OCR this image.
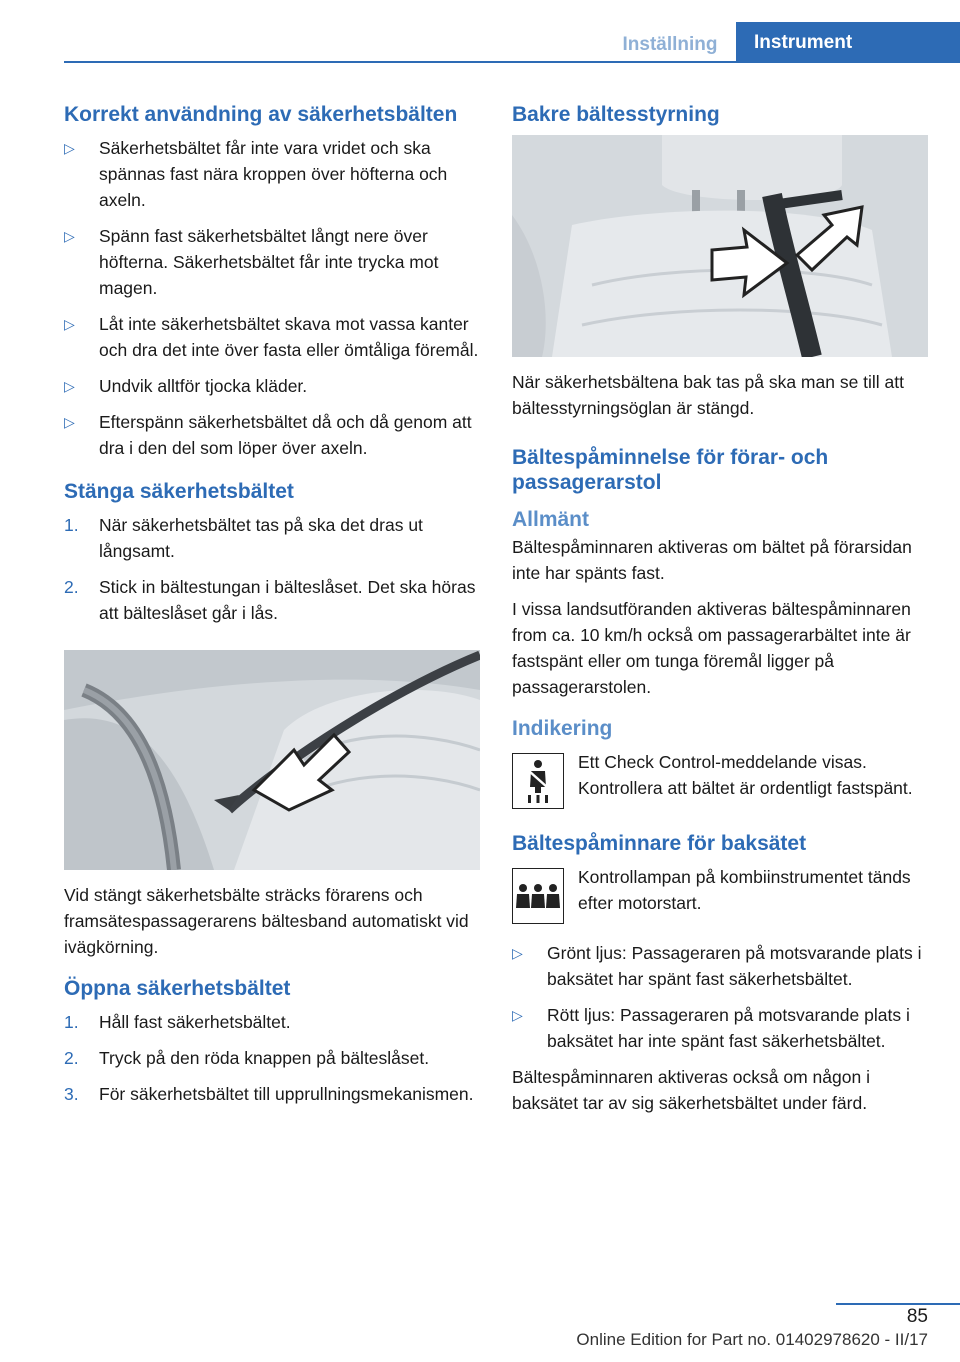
Inställning	Instrument
Korrekt användning av säkerhetsbälten
▷ Säkerhetsbältet får inte vara vridet och ska spännas fast nära kroppen över höfterna och axeln.
▷ Spänn fast säkerhetsbältet långt nere över höfterna. Säkerhetsbältet får inte trycka mot magen.
▷ Låt inte säkerhetsbältet skava mot vassa kanter och dra det inte över fasta eller ömtåliga föremål.
▷ Undvik alltför tjocka kläder.
▷ Efterspänn säkerhetsbältet då och då genom att dra i den del som löper över axeln.
Stänga säkerhetsbältet
1. När säkerhetsbältet tas på ska det dras ut långsamt.
2. Stick in bältestungan i bälteslåset. Det ska höras att bälteslåset går i lås.

Vid stängt säkerhetsbälte sträcks förarens och framsätespassagerarens bältesband automatiskt vid ivägkörning.

Öppna säkerhetsbältet
1. Håll fast säkerhetsbältet.
2. Tryck på den röda knappen på bälteslåset.
3. För säkerhetsbältet till upprullningsmekanismen.
Bakre bältesstyrning

När säkerhetsbältena bak tas på ska man se till att bältesstyrningsöglan är stängd.

Bältespåminnelse för förar- och passagerarstol
Allmänt

Bältespåminnaren aktiveras om bältet på förarsidan inte har spänts fast.

I vissa landsutföranden aktiveras bältespåminnaren from ca. 10 km/h också om passagerarbältet inte är fastspänt eller om tunga föremål ligger på passagerarstolen.

Indikering
Ett Check Control-meddelande visas. Kontrollera att bältet är ordentligt fastspänt.
Bältespåminnare för baksätet
Kontrollampan på kombiinstrumentet tänds efter motorstart.
▷ Grönt ljus: Passageraren på motsvarande plats i baksätet har spänt fast säkerhetsbältet.
▷ Rött ljus: Passageraren på motsvarande plats i baksätet har inte spänt fast säkerhetsbältet.

Bältespåminnaren aktiveras också om någon i baksätet tar av sig säkerhetsbältet under färd.

85
Online Edition for Part no. 01402978620 - II/17
